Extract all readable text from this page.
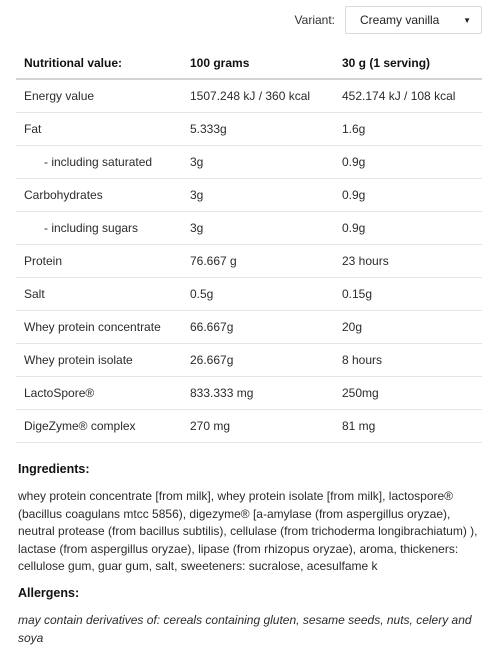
Variant: Creamy vanilla	▼
Nutritional value:	100 grams	30 g (1 serving)
Energy value	1507.248 kJ / 360 kcal	452.174 kJ / 108 kcal
Fat	5.333g	1.6g
- including saturated	3g	0.9g
Carbohydrates	3g	0.9g
- including sugars	3g	0.9g
Protein	76.667 g	23 hours
Salt	0.5g	0.15g
Whey protein concentrate	66.667g	20g
Whey protein isolate	26.667g	8 hours
LactoSpore®	833.333 mg	250mg
DigeZyme® complex	270 mg	81 mg
Ingredients:
whey protein concentrate [from milk], whey protein isolate [from milk], lactospore® (bacillus coagulans mtcc 5856), digezyme® [a-amylase (from aspergillus oryzae), neutral protease (from bacillus subtilis), cellulase (from trichoderma longibrachiatum) ), lactase (from aspergillus oryzae), lipase (from rhizopus oryzae), aroma, thickeners: cellulose gum, guar gum, salt, sweeteners: sucralose, acesulfame k
Allergens:
may contain derivatives of: cereals containing gluten, sesame seeds, nuts, celery and soya
